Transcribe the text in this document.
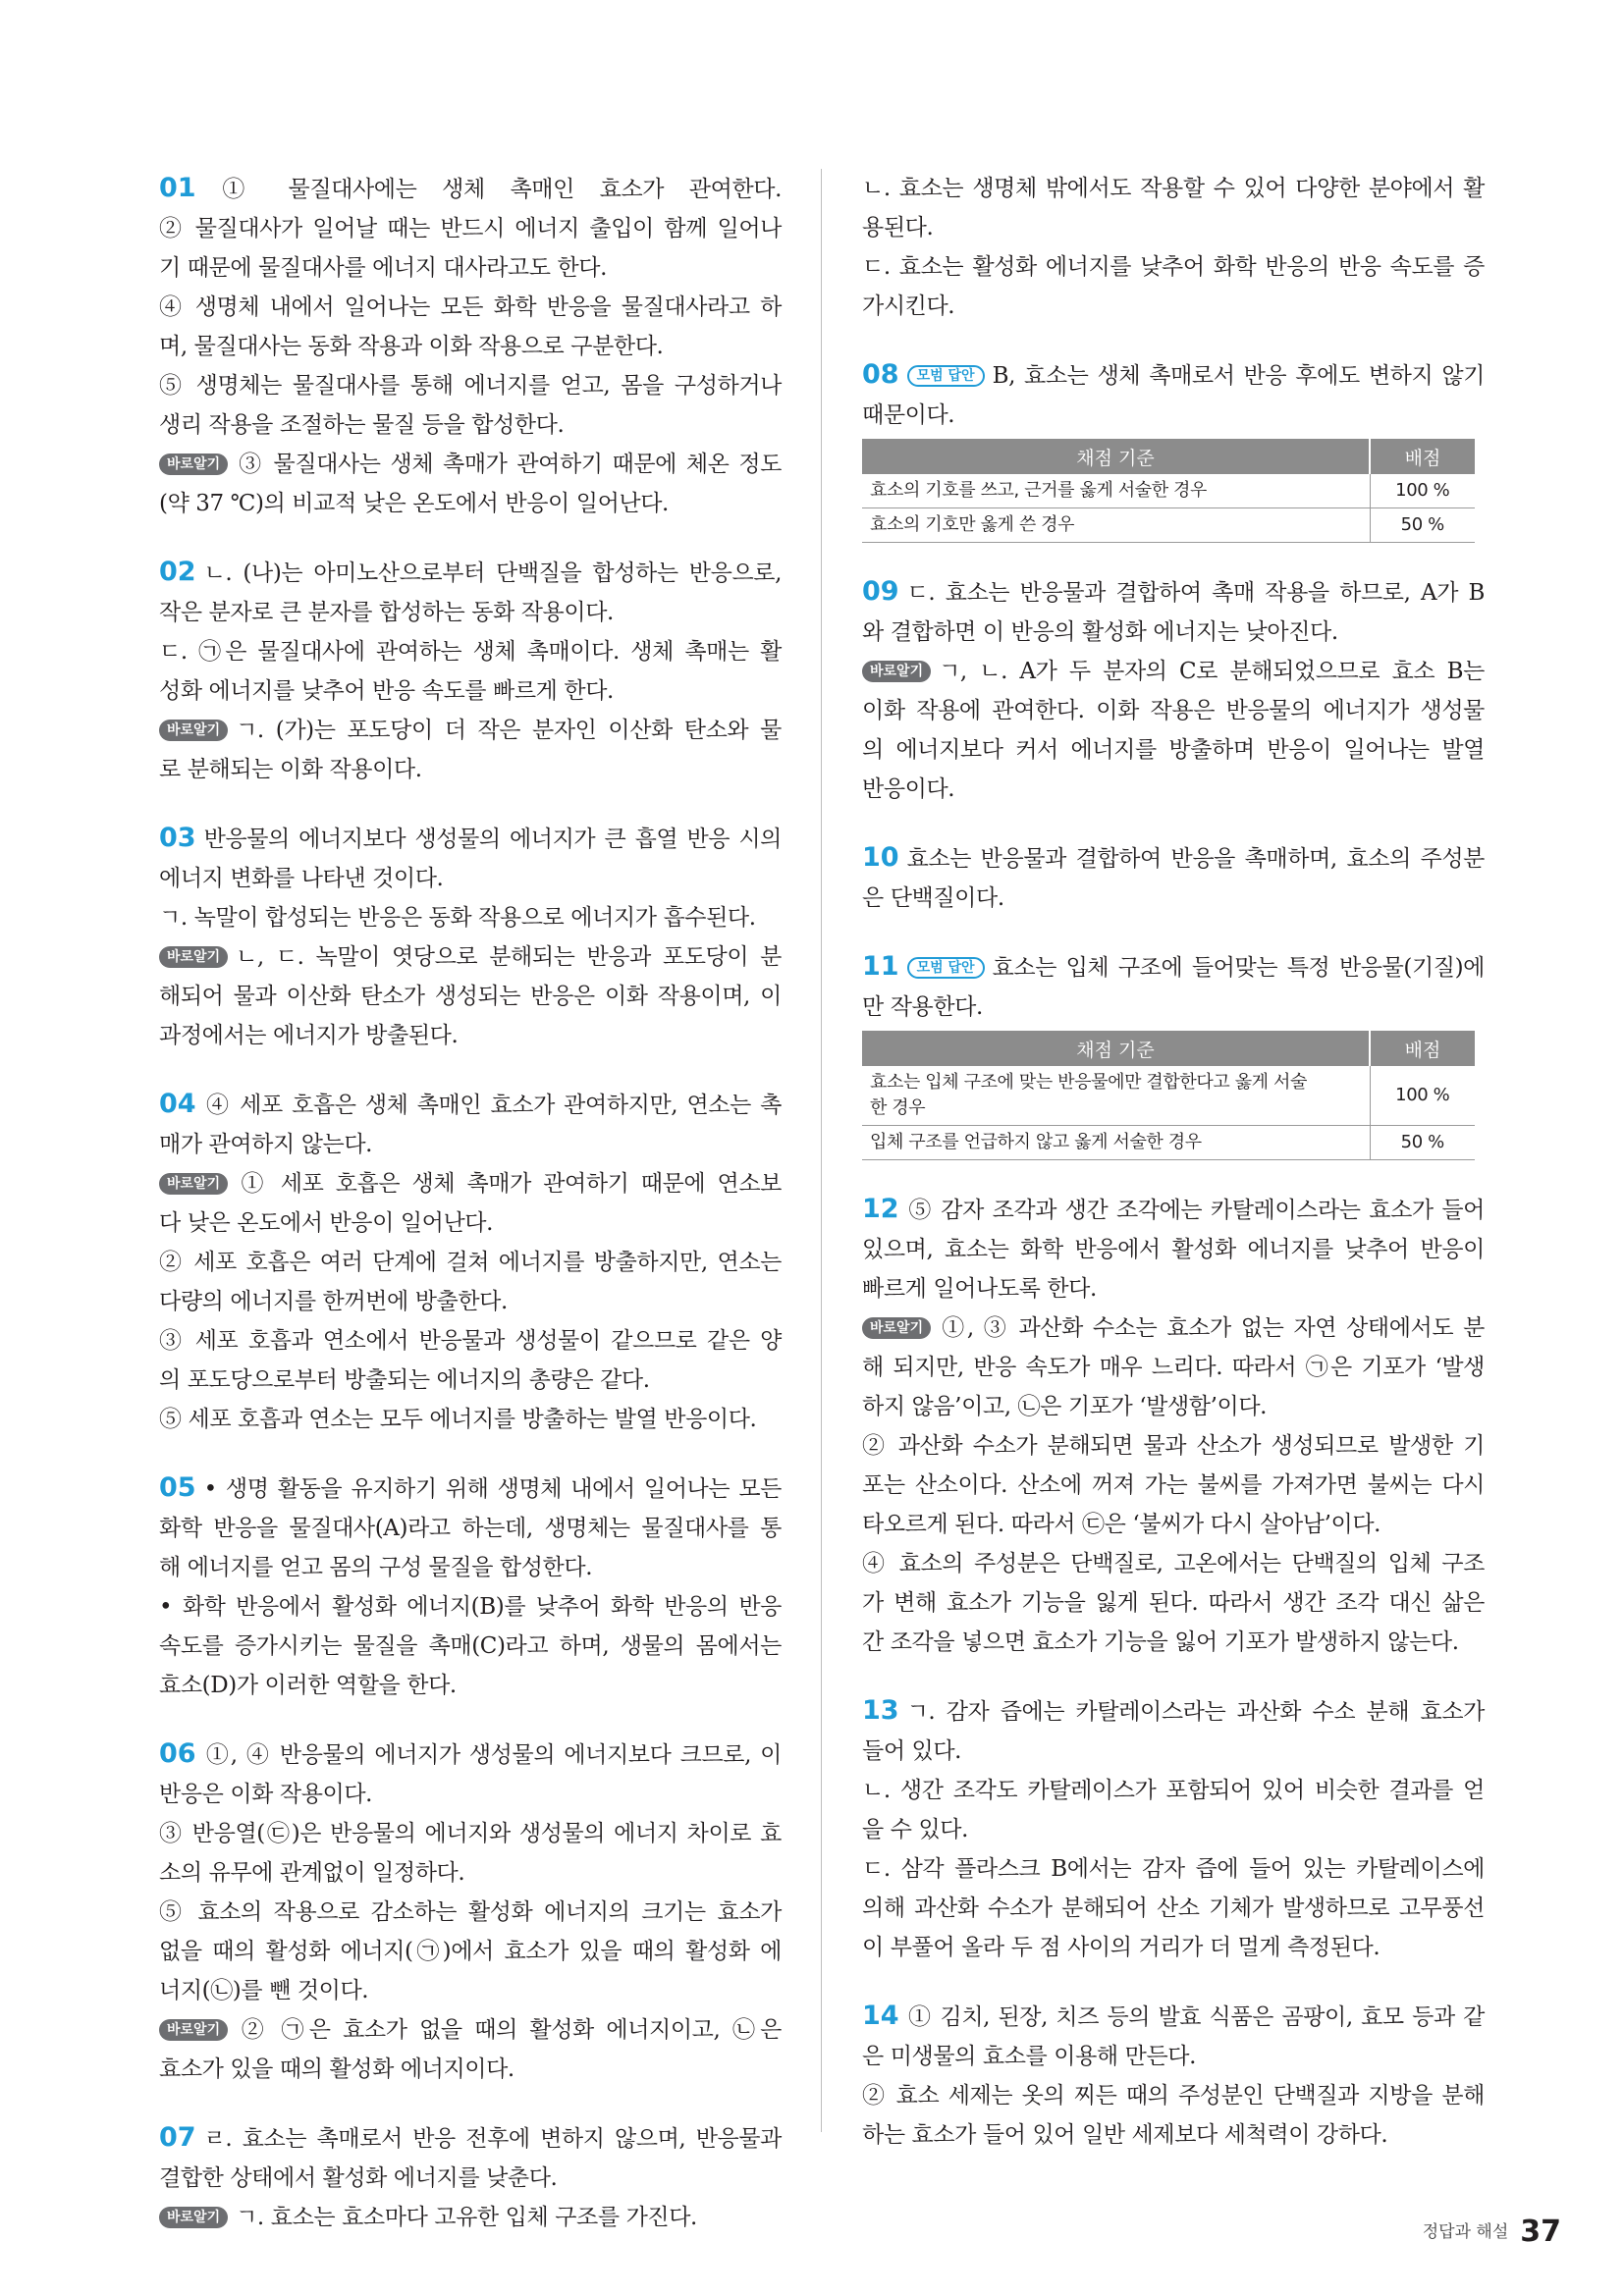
01 ① 물질대사에는 생체 촉매인 효소가 관여한다.
② 물질대사가 일어날 때는 반드시 에너지 출입이 함께 일어나
기 때문에 물질대사를 에너지 대사라고도 한다.
④ 생명체 내에서 일어나는 모든 화학 반응을 물질대사라고 하
며, 물질대사는 동화 작용과 이화 작용으로 구분한다.
⑤ 생명체는 물질대사를 통해 에너지를 얻고, 몸을 구성하거나
생리 작용을 조절하는 물질 등을 합성한다.
바로알기 ③ 물질대사는 생체 촉매가 관여하기 때문에 체온 정도
(약 37 ℃)의 비교적 낮은 온도에서 반응이 일어난다.
02 ㄴ. (나)는 아미노산으로부터 단백질을 합성하는 반응으로,
작은 분자로 큰 분자를 합성하는 동화 작용이다.
ㄷ. ㉠은 물질대사에 관여하는 생체 촉매이다. 생체 촉매는 활
성화 에너지를 낮추어 반응 속도를 빠르게 한다.
바로알기 ㄱ. (가)는 포도당이 더 작은 분자인 이산화 탄소와 물
로 분해되는 이화 작용이다.
03 반응물의 에너지보다 생성물의 에너지가 큰 흡열 반응 시의
에너지 변화를 나타낸 것이다.
ㄱ. 녹말이 합성되는 반응은 동화 작용으로 에너지가 흡수된다.
바로알기 ㄴ, ㄷ. 녹말이 엿당으로 분해되는 반응과 포도당이 분
해되어 물과 이산화 탄소가 생성되는 반응은 이화 작용이며, 이
과정에서는 에너지가 방출된다.
04 ④ 세포 호흡은 생체 촉매인 효소가 관여하지만, 연소는 촉
매가 관여하지 않는다.
바로알기 ① 세포 호흡은 생체 촉매가 관여하기 때문에 연소보
다 낮은 온도에서 반응이 일어난다.
② 세포 호흡은 여러 단계에 걸쳐 에너지를 방출하지만, 연소는
다량의 에너지를 한꺼번에 방출한다.
③ 세포 호흡과 연소에서 반응물과 생성물이 같으므로 같은 양
의 포도당으로부터 방출되는 에너지의 총량은 같다.
⑤ 세포 호흡과 연소는 모두 에너지를 방출하는 발열 반응이다.
05 • 생명 활동을 유지하기 위해 생명체 내에서 일어나는 모든
화학 반응을 물질대사(A)라고 하는데, 생명체는 물질대사를 통
해 에너지를 얻고 몸의 구성 물질을 합성한다.
• 화학 반응에서 활성화 에너지(B)를 낮추어 화학 반응의 반응
속도를 증가시키는 물질을 촉매(C)라고 하며, 생물의 몸에서는
효소(D)가 이러한 역할을 한다.
06 ①, ④ 반응물의 에너지가 생성물의 에너지보다 크므로, 이
반응은 이화 작용이다.
③ 반응열(㉢)은 반응물의 에너지와 생성물의 에너지 차이로 효
소의 유무에 관계없이 일정하다.
⑤ 효소의 작용으로 감소하는 활성화 에너지의 크기는 효소가
없을 때의 활성화 에너지(㉠)에서 효소가 있을 때의 활성화 에
너지(㉡)를 뺀 것이다.
바로알기 ② ㉠은 효소가 없을 때의 활성화 에너지이고, ㉡은
효소가 있을 때의 활성화 에너지이다.
07 ㄹ. 효소는 촉매로서 반응 전후에 변하지 않으며, 반응물과
결합한 상태에서 활성화 에너지를 낮춘다.
바로알기 ㄱ. 효소는 효소마다 고유한 입체 구조를 가진다.
ㄴ. 효소는 생명체 밖에서도 작용할 수 있어 다양한 분야에서 활
용된다.
ㄷ. 효소는 활성화 에너지를 낮추어 화학 반응의 반응 속도를 증
가시킨다.
08 모범 답안 B, 효소는 생체 촉매로서 반응 후에도 변하지 않기
때문이다.
채점 기준	배점
효소의 기호를 쓰고, 근거를 옳게 서술한 경우	100 %
효소의 기호만 옳게 쓴 경우	50 %
09 ㄷ. 효소는 반응물과 결합하여 촉매 작용을 하므로, A가 B
와 결합하면 이 반응의 활성화 에너지는 낮아진다.
바로알기 ㄱ, ㄴ. A가 두 분자의 C로 분해되었으므로 효소 B는
이화 작용에 관여한다. 이화 작용은 반응물의 에너지가 생성물
의 에너지보다 커서 에너지를 방출하며 반응이 일어나는 발열
반응이다.
10 효소는 반응물과 결합하여 반응을 촉매하며, 효소의 주성분
은 단백질이다.
11 모범 답안 효소는 입체 구조에 들어맞는 특정 반응물(기질)에
만 작용한다.
채점 기준	배점

효소는 입체 구조에 맞는 반응물에만 결합한다고 옳게 서술
한 경우	100 %
입체 구조를 언급하지 않고 옳게 서술한 경우	50 %
12 ⑤ 감자 조각과 생간 조각에는 카탈레이스라는 효소가 들어
있으며, 효소는 화학 반응에서 활성화 에너지를 낮추어 반응이
빠르게 일어나도록 한다.
바로알기 ①, ③ 과산화 수소는 효소가 없는 자연 상태에서도 분
해 되지만, 반응 속도가 매우 느리다. 따라서 ㉠은 기포가 ‘발생
하지 않음’이고, ㉡은 기포가 ‘발생함’이다.
② 과산화 수소가 분해되면 물과 산소가 생성되므로 발생한 기
포는 산소이다. 산소에 꺼져 가는 불씨를 가져가면 불씨는 다시
타오르게 된다. 따라서 ㉢은 ‘불씨가 다시 살아남’이다.
④ 효소의 주성분은 단백질로, 고온에서는 단백질의 입체 구조
가 변해 효소가 기능을 잃게 된다. 따라서 생간 조각 대신 삶은
간 조각을 넣으면 효소가 기능을 잃어 기포가 발생하지 않는다.
13 ㄱ. 감자 즙에는 카탈레이스라는 과산화 수소 분해 효소가
들어 있다.
ㄴ. 생간 조각도 카탈레이스가 포함되어 있어 비슷한 결과를 얻
을 수 있다.
ㄷ. 삼각 플라스크 B에서는 감자 즙에 들어 있는 카탈레이스에
의해 과산화 수소가 분해되어 산소 기체가 발생하므로 고무풍선
이 부풀어 올라 두 점 사이의 거리가 더 멀게 측정된다.
14 ① 김치, 된장, 치즈 등의 발효 식품은 곰팡이, 효모 등과 같
은 미생물의 효소를 이용해 만든다.
② 효소 세제는 옷의 찌든 때의 주성분인 단백질과 지방을 분해
하는 효소가 들어 있어 일반 세제보다 세척력이 강하다.
정답과 해설 37
